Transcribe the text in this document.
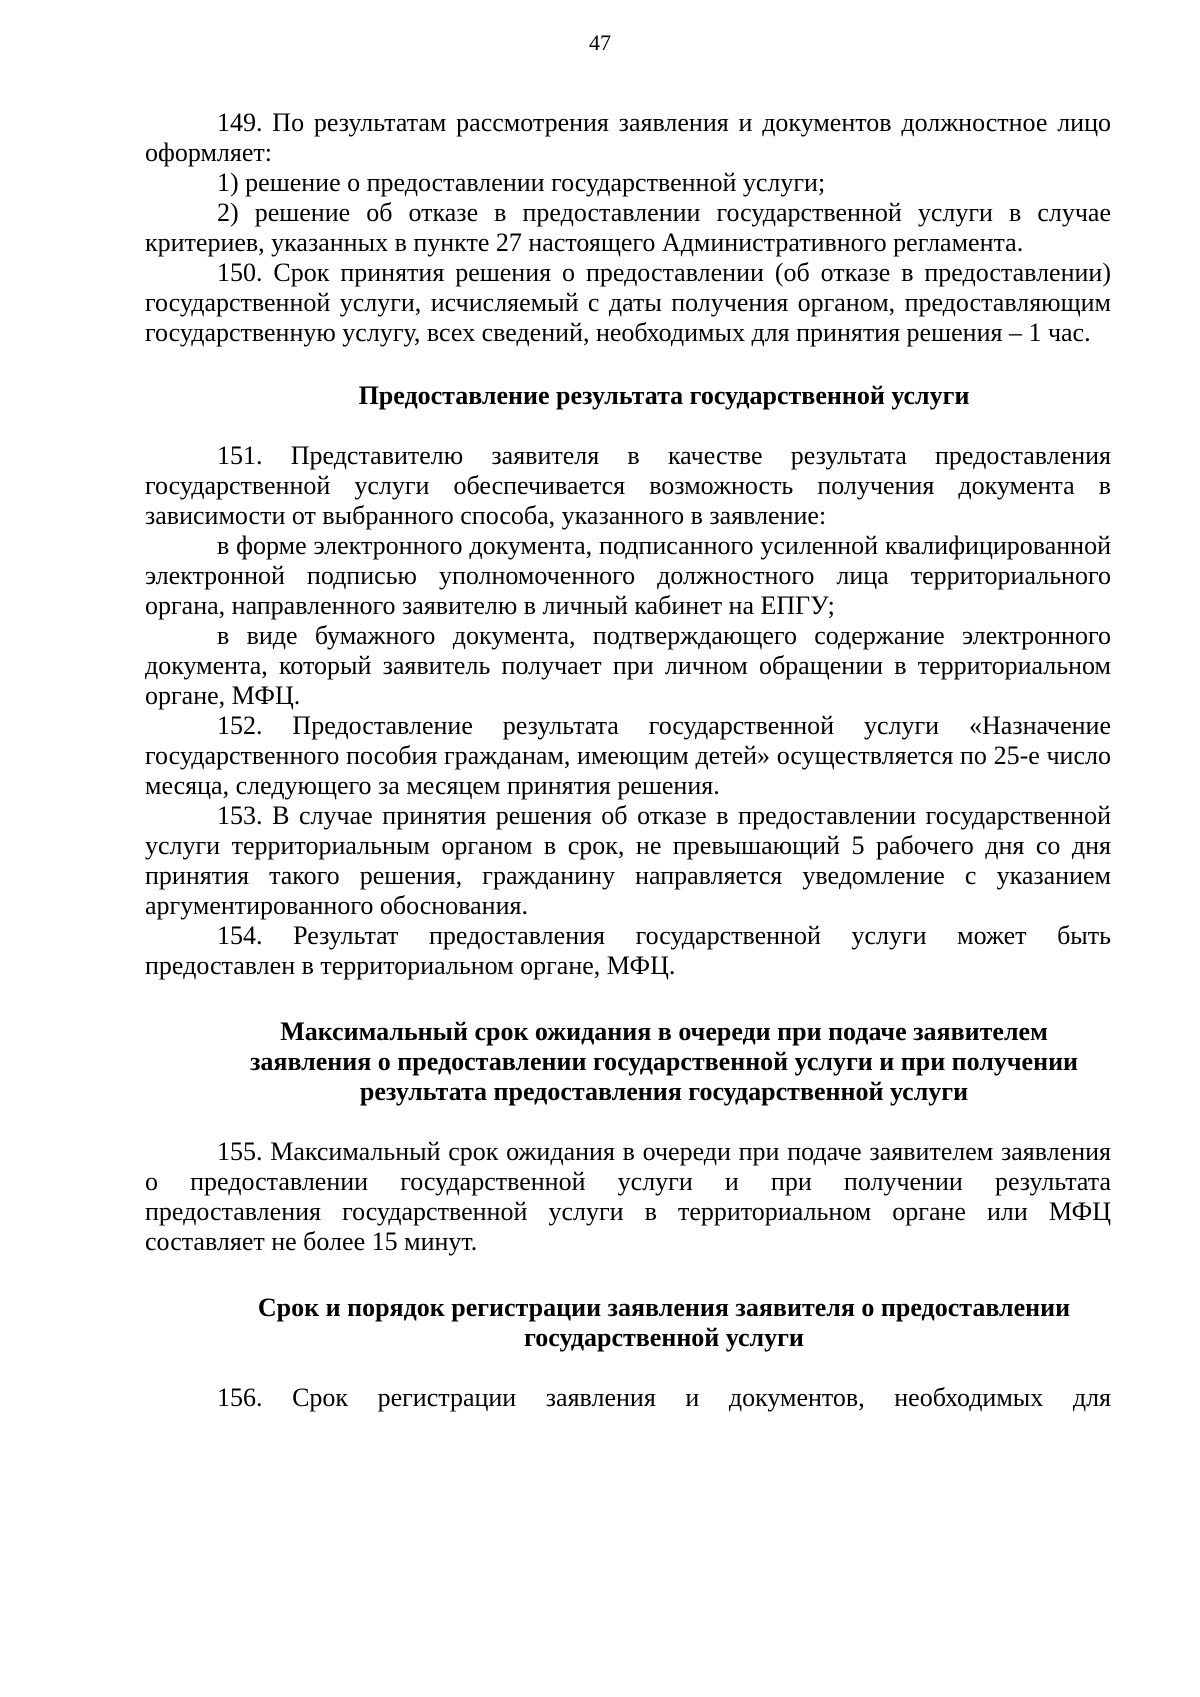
47

149. По результатам рассмотрения заявления и документов должностное лицо оформляет:

1) решение о предоставлении государственной услуги;

2) решение об отказе в предоставлении государственной услуги в случае критериев, указанных в пункте 27 настоящего Административного регламента.

150. Срок принятия решения о предоставлении (об отказе в предоставлении) государственной услуги, исчисляемый с даты получения органом, предоставляющим государственную услугу, всех сведений, необходимых для принятия решения – 1 час.

Предоставление результата государственной услуги

151. Представителю заявителя в качестве результата предоставления государственной услуги обеспечивается возможность получения документа в зависимости от выбранного способа, указанного в заявление:

в форме электронного документа, подписанного усиленной квалифицированной электронной подписью уполномоченного должностного лица территориального органа, направленного заявителю в личный кабинет на ЕПГУ;

в виде бумажного документа, подтверждающего содержание электронного документа, который заявитель получает при личном обращении в территориальном органе, МФЦ.

152. Предоставление результата государственной услуги «Назначение государственного пособия гражданам, имеющим детей» осуществляется по 25-е число месяца, следующего за месяцем принятия решения.

153. В случае принятия решения об отказе в предоставлении государственной услуги территориальным органом в срок, не превышающий 5 рабочего дня со дня принятия такого решения, гражданину направляется уведомление с указанием аргументированного обоснования.

154. Результат предоставления государственной услуги может быть предоставлен в территориальном органе, МФЦ.

Максимальный срок ожидания в очереди при подаче заявителем
заявления о предоставлении государственной услуги и при получении
результата предоставления государственной услуги

155. Максимальный срок ожидания в очереди при подаче заявителем заявления о предоставлении государственной услуги и при получении результата предоставления государственной услуги в территориальном органе или МФЦ составляет не более 15 минут.

Срок и порядок регистрации заявления заявителя о предоставлении
государственной услуги

156. Срок регистрации заявления и документов, необходимых для
